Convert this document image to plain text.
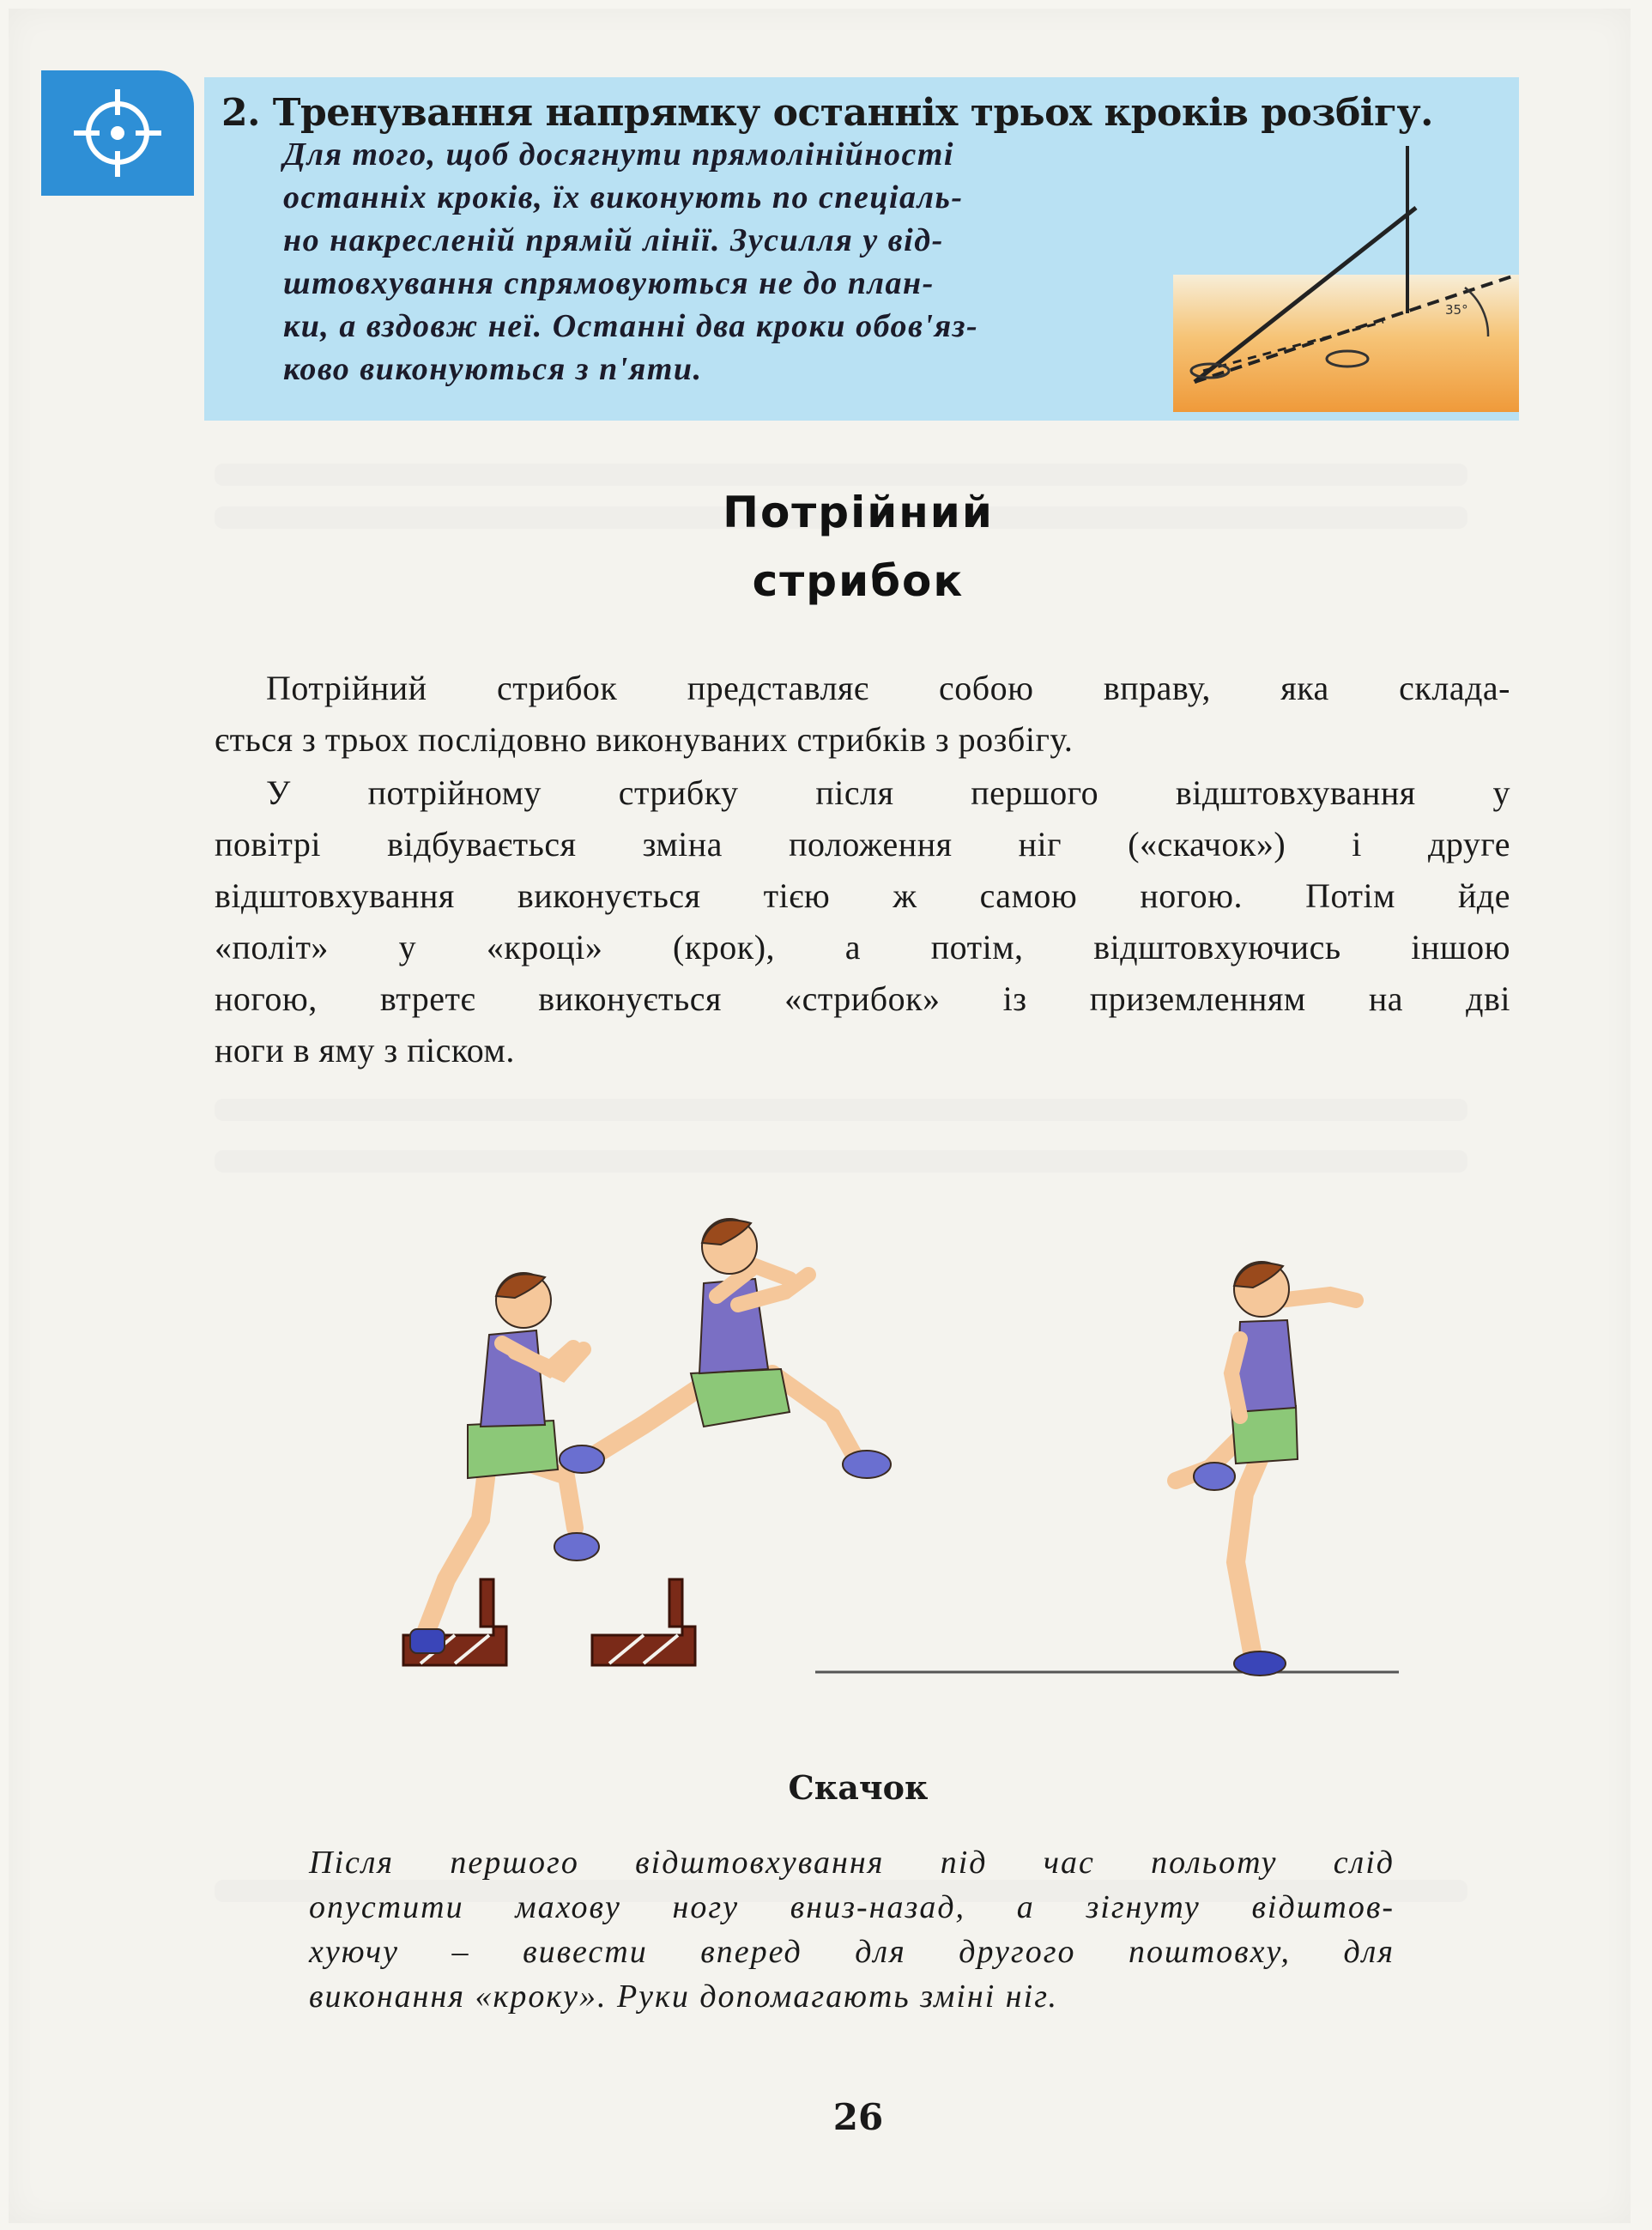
2. Тренування напрямку останніх трьох кроків розбігу.
Для того, щоб досягнути прямолінійності
останніх кроків, їх виконують по спеціаль-
но накресленій прямій лінії. Зусилля у від-
штовхування спрямовуються не до план-
ки, а вздовж неї. Останні два кроки обов'яз-
ково виконуються з п'яти.
35°
Потрійний
стрибок
Потрійний стрибок представляє собою вправу, яка склада-
ється з трьох послідовно виконуваних стрибків з розбігу.
У потрійному стрибку після першого відштовхування у
повітрі відбувається зміна положення ніг («скачок») і друге
відштовхування виконується тією ж самою ногою. Потім йде
«політ» у «кроці» (крок), а потім, відштовхуючись іншою
ногою, втретє виконується «стрибок» із приземленням на дві
ноги в яму з піском.
Скачок
Після першого відштовхування під час польоту слід
опустити махову ногу вниз-назад, а зігнуту відштов-
хуючу – вивести вперед для другого поштовху, для
виконання «кроку». Руки допомагають зміні ніг.
26
